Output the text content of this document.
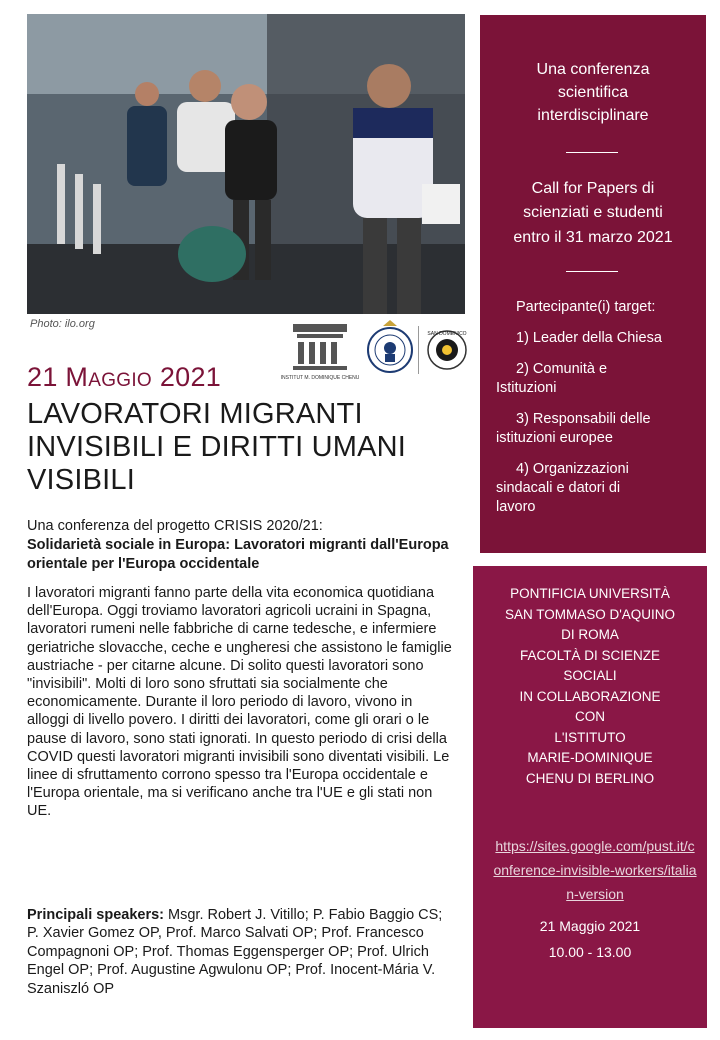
Photo: ilo.org
INSTITUT M. DOMINIQUE CHENU
SAN DOMENICO
21 Maggio 2021
LAVORATORI MIGRANTI INVISIBILI E DIRITTI UMANI VISIBILI
Una conferenza del progetto CRISIS 2020/21:
Solidarietà sociale in Europa: Lavoratori migranti dall'Europa orientale per l'Europa occidentale
I lavoratori migranti fanno parte della vita economica quotidiana dell'Europa. Oggi troviamo lavoratori agricoli ucraini in Spagna, lavoratori rumeni nelle fabbriche di carne tedesche, e infermiere geriatriche slovacche, ceche e ungheresi che assistono le famiglie austriache - per citarne alcune. Di solito questi lavoratori sono "invisibili". Molti di loro sono sfruttati sia socialmente che economicamente. Durante il loro periodo di lavoro, vivono in alloggi di livello povero. I diritti dei lavoratori, come gli orari o le pause di lavoro, sono stati ignorati. In questo periodo di crisi della COVID questi lavoratori migranti invisibili sono diventati visibili. Le linee di sfruttamento corrono spesso tra l'Europa occidentale e l'Europa orientale, ma si verificano anche tra l'UE e gli stati non UE.
Principali speakers: Msgr. Robert J. Vitillo; P. Fabio Baggio CS; P. Xavier Gomez OP, Prof. Marco Salvati OP; Prof. Francesco Compagnoni OP; Prof. Thomas Eggensperger OP; Prof. Ulrich Engel OP; Prof. Augustine Agwulonu OP; Prof. Inocent-Mária V. Szaniszló OP
Una conferenza
scientifica
interdisciplinare
Call for Papers di
scienziati e studenti
entro il 31 marzo 2021
Partecipante(i) target:
1) Leader della Chiesa
2) Comunità e
Istituzioni
3) Responsabili delle
istituzioni europee
4) Organizzazioni
sindacali e datori di lavoro
PONTIFICIA UNIVERSITÀ
SAN TOMMASO D'AQUINO
DI ROMA
FACOLTÀ DI SCIENZE
SOCIALI
IN COLLABORAZIONE
CON
L'ISTITUTO
MARIE-DOMINIQUE
CHENU DI BERLINO
https://sites.google.com/pust.it/conference-invisible-workers/italian-version
21 Maggio 2021
10.00 - 13.00
